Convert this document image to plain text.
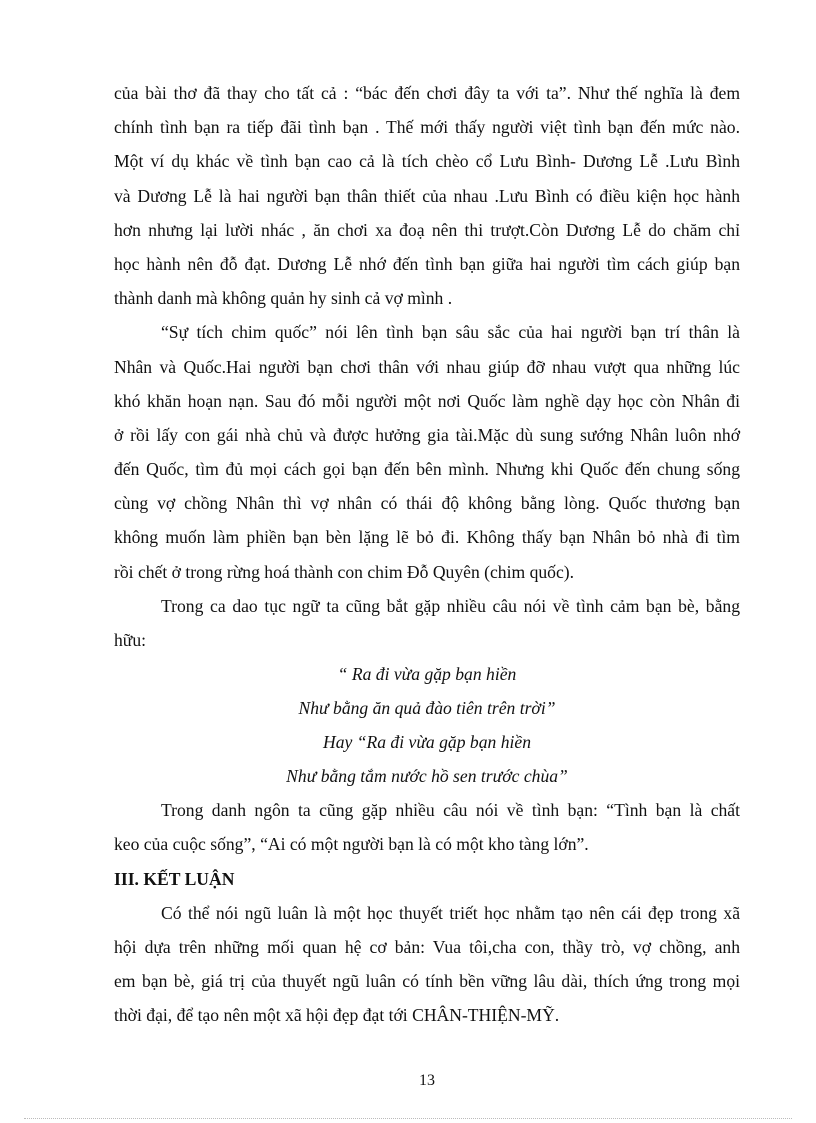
của bài thơ đã thay cho tất cả : “bác đến chơi đây ta với ta”. Như thế nghĩa là đem
chính tình bạn ra tiếp đãi tình bạn . Thế mới thấy người việt tình bạn đến mức nào.
Một ví dụ khác về tình bạn cao cả là tích chèo cổ Lưu Bình- Dương Lễ .Lưu Bình
và Dương Lễ là hai người bạn thân thiết của nhau .Lưu Bình có điều kiện học hành
hơn nhưng lại lười nhác , ăn chơi xa đoạ nên thi trượt.Còn Dương Lễ do chăm chỉ
học hành nên đỗ đạt. Dương Lễ nhớ đến tình bạn giữa hai người tìm cách giúp bạn
thành danh mà không quản hy sinh cả vợ mình .
“Sự tích chim quốc” nói lên tình bạn sâu sắc của hai người bạn trí thân là
Nhân và Quốc.Hai người bạn chơi thân với nhau giúp đỡ nhau vượt qua những lúc
khó khăn hoạn nạn. Sau đó mỗi người một nơi Quốc làm nghề dạy học còn Nhân đi
ở rồi lấy con gái nhà chủ và được hưởng gia tài.Mặc dù sung sướng Nhân luôn nhớ
đến Quốc, tìm đủ mọi cách gọi bạn đến bên mình. Nhưng khi Quốc đến chung sống
cùng vợ chồng Nhân thì vợ nhân có thái độ không bằng lòng. Quốc thương bạn
không muốn làm phiền bạn bèn lặng lẽ bỏ đi. Không thấy bạn Nhân bỏ nhà đi tìm
rồi chết ở trong rừng hoá thành con chim Đỗ Quyên (chim quốc).
Trong ca dao tục ngữ ta cũng bắt gặp nhiều câu nói về tình cảm bạn bè, bằng
hữu:
“ Ra đi vừa gặp bạn hiền
Như bằng ăn quả đào tiên trên trời”
Hay “Ra đi vừa gặp bạn hiền
Như bằng tắm nước hồ sen trước chùa”
Trong danh ngôn ta cũng gặp nhiều câu nói về tình bạn: “Tình bạn là chất
keo của cuộc sống”, “Ai có một người bạn là có một kho tàng lớn”.
III. KẾT LUẬN
Có thể nói ngũ luân là một học thuyết triết học nhằm tạo nên cái đẹp trong xã
hội dựa trên những mối quan hệ cơ bản: Vua tôi,cha con, thầy trò, vợ chồng, anh
em bạn bè, giá trị của thuyết ngũ luân có tính bền vững lâu dài, thích ứng trong mọi
thời đại, để tạo nên một xã hội đẹp đạt tới CHÂN-THIỆN-MỸ.
13
